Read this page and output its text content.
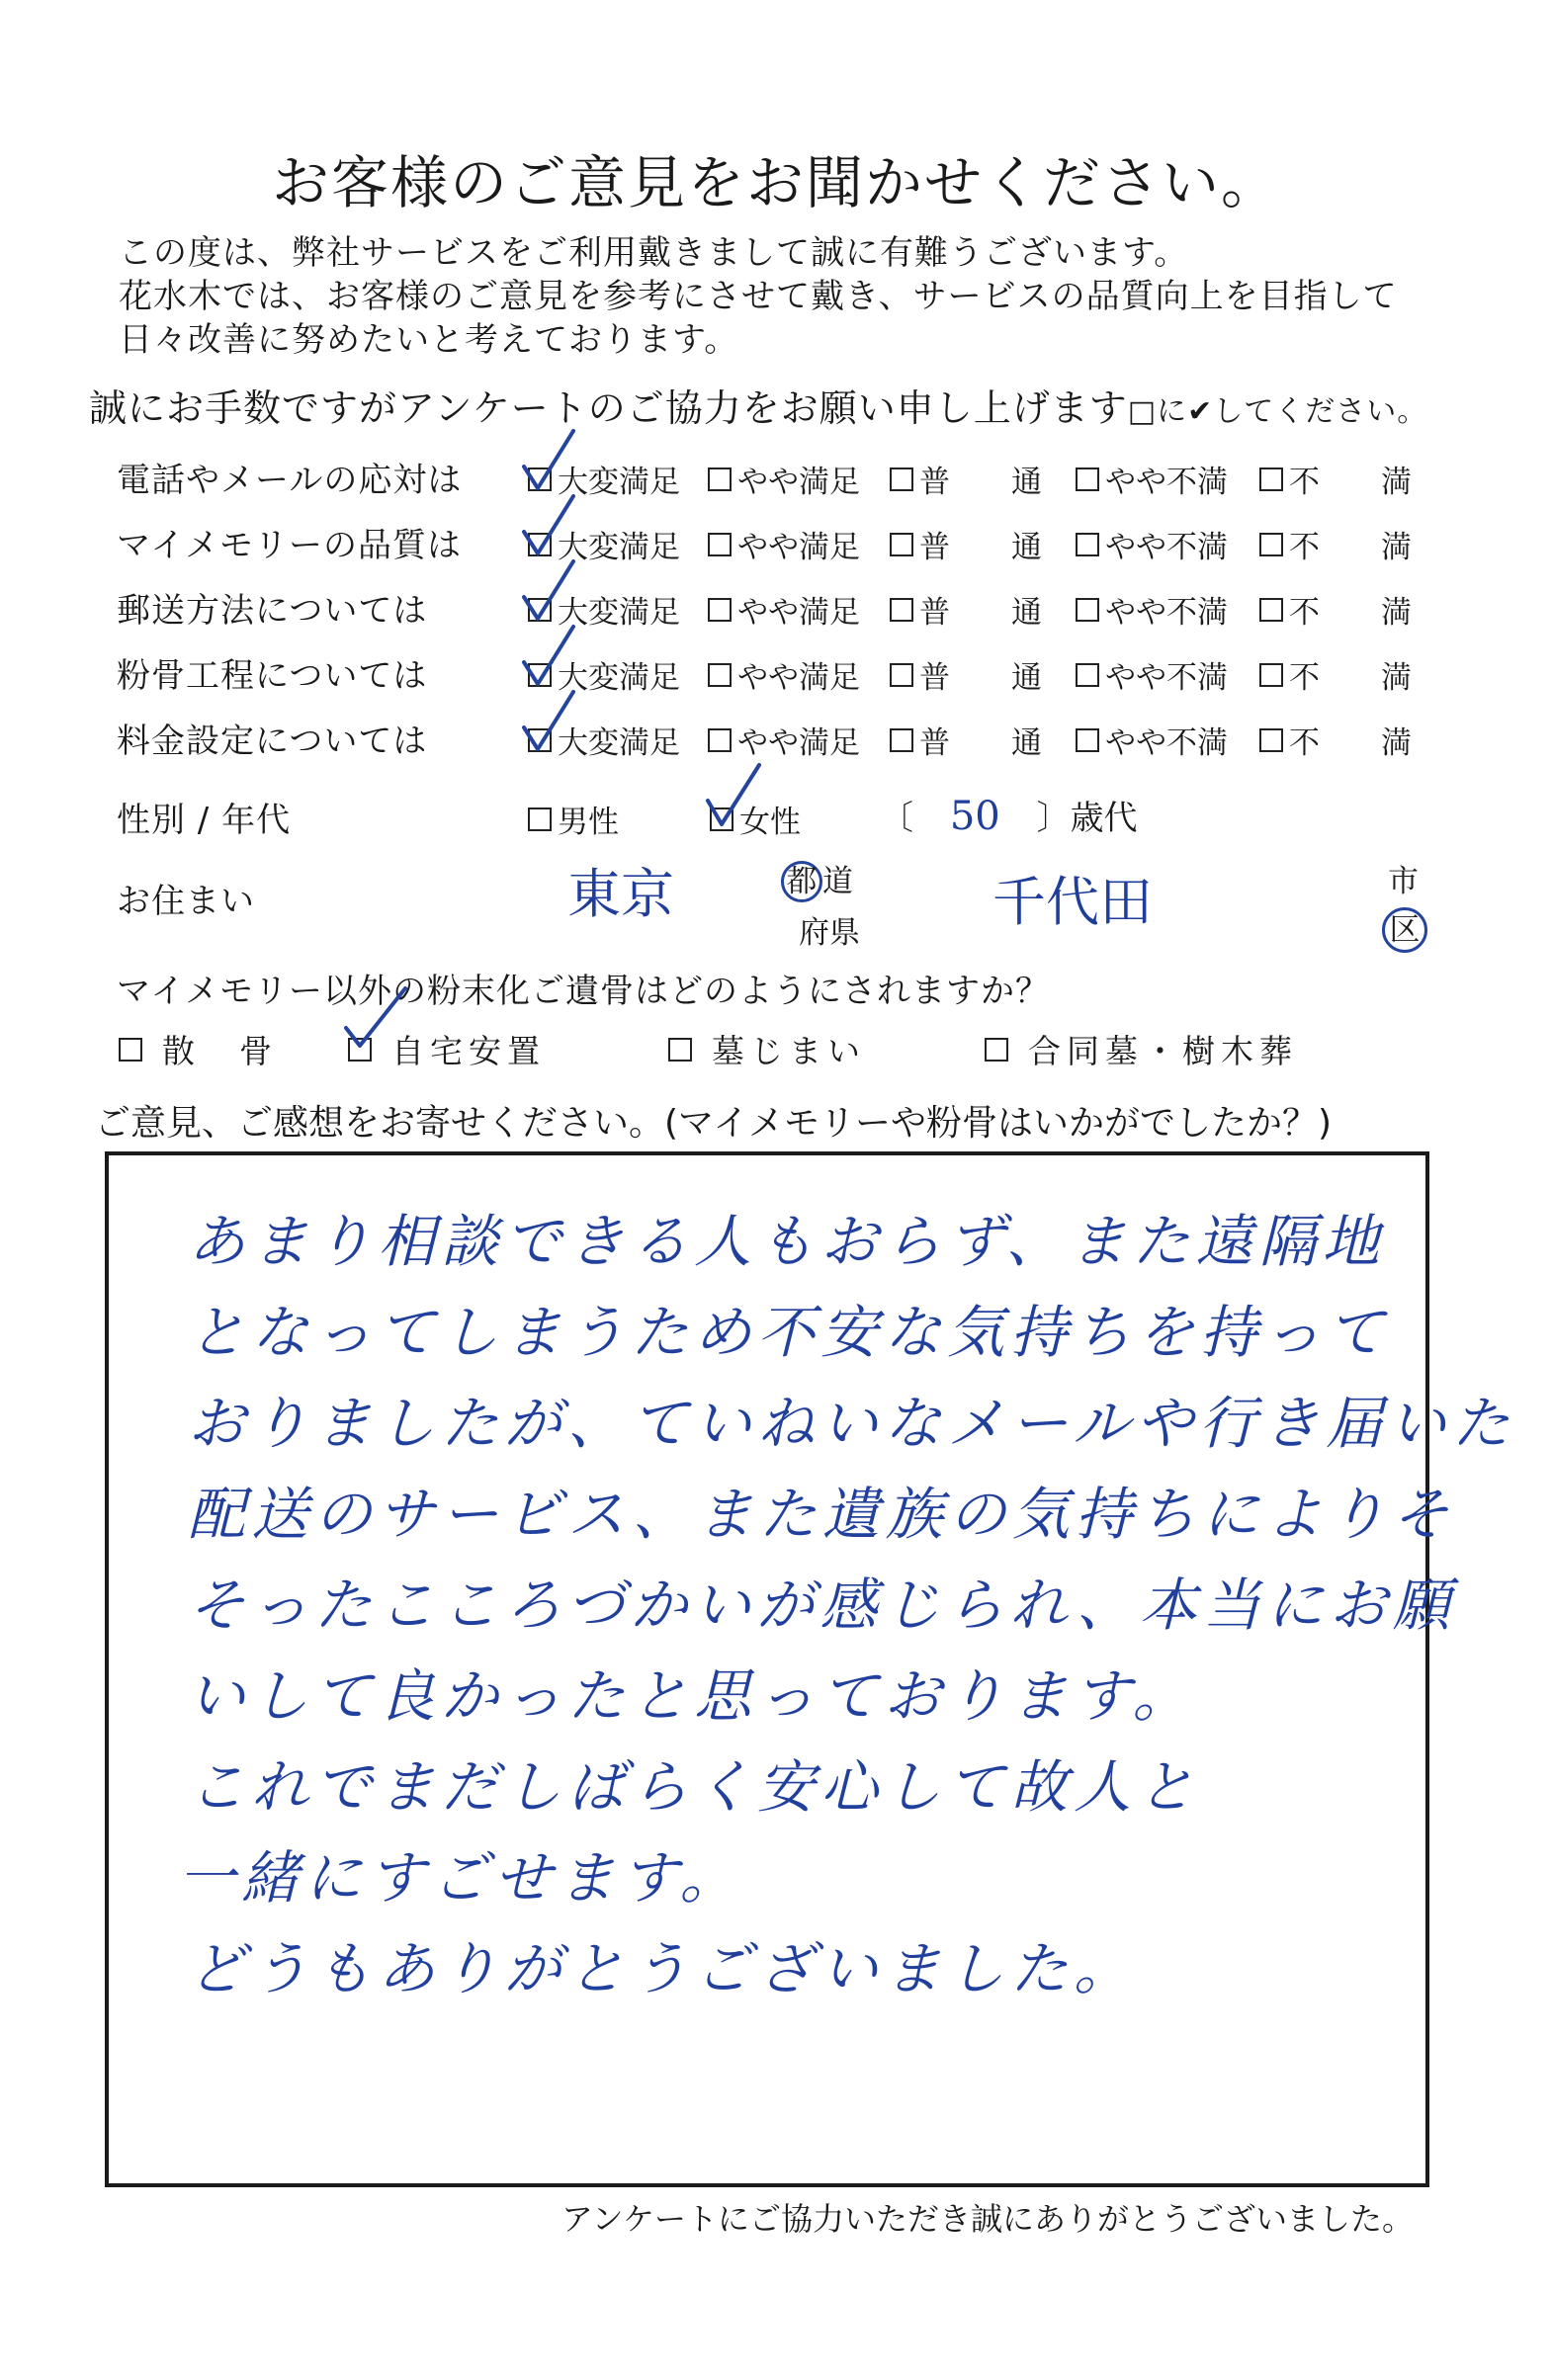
お客様のご意見をお聞かせください。
この度は、弊社サービスをご利用戴きまして誠に有難うございます。
花水木では、お客様のご意見を参考にさせて戴き、サービスの品質向上を目指して
日々改善に努めたいと考えております。
誠にお手数ですがアンケートのご協力をお願い申し上げます□に✔してください。
電話やメールの応対は	大変満足 やや満足 普　　通 やや不満 不　　満
マイメモリーの品質は	大変満足 やや満足 普　　通 やや不満 不　　満
郵送方法については	大変満足 やや満足 普　　通 やや不満 不　　満
粉骨工程については	大変満足 やや満足 普　　通 やや不満 不　　満
料金設定については	大変満足 やや満足 普　　通 やや不満 不　　満
性別 / 年代	男性	女性 〔 50 〕歳代
お住まい	東京	都 道
府県 千代田	市
区
マイメモリー以外の粉末化ご遺骨はどのようにされますか？
散　骨	自宅安置	墓じまい	合同墓・樹木葬
ご意見、ご感想をお寄せください。(マイメモリーや粉骨はいかがでしたか？)
あまり相談できる人もおらず、また遠隔地
となってしまうため不安な気持ちを持って
おりましたが、ていねいなメールや行き届いた
配送のサービス、また遺族の気持ちによりそ
そったこころづかいが感じられ、本当にお願
いして良かったと思っております。
これでまだしばらく安心して故人と
一緒にすごせます。
どうもありがとうございました。
アンケートにご協力いただき誠にありがとうございました。
